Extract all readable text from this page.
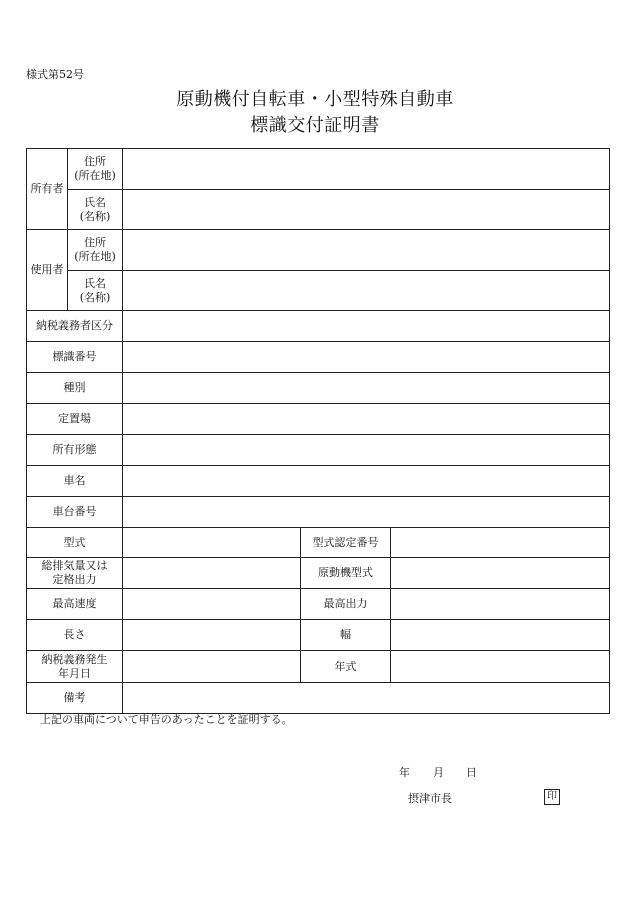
様式第52号
原動機付自転車・小型特殊自動車
標識交付証明書
所有者	住所
(所在地)			

	氏名
(名称)			

使用者	住所
(所在地)			

	氏名
(名称)			

納税義務者区分				
標識番号				
種別				
定置場				
所有形態				
車名				
車台番号				
型式			型式認定番号	

総排気量又は
定格出力			原動機型式	
最高速度			最高出力	
長さ			幅	

納税義務発生
年月日			年式	
備考				
上記の車両について申告のあったことを証明する。
年 月 日
摂津市長	印
